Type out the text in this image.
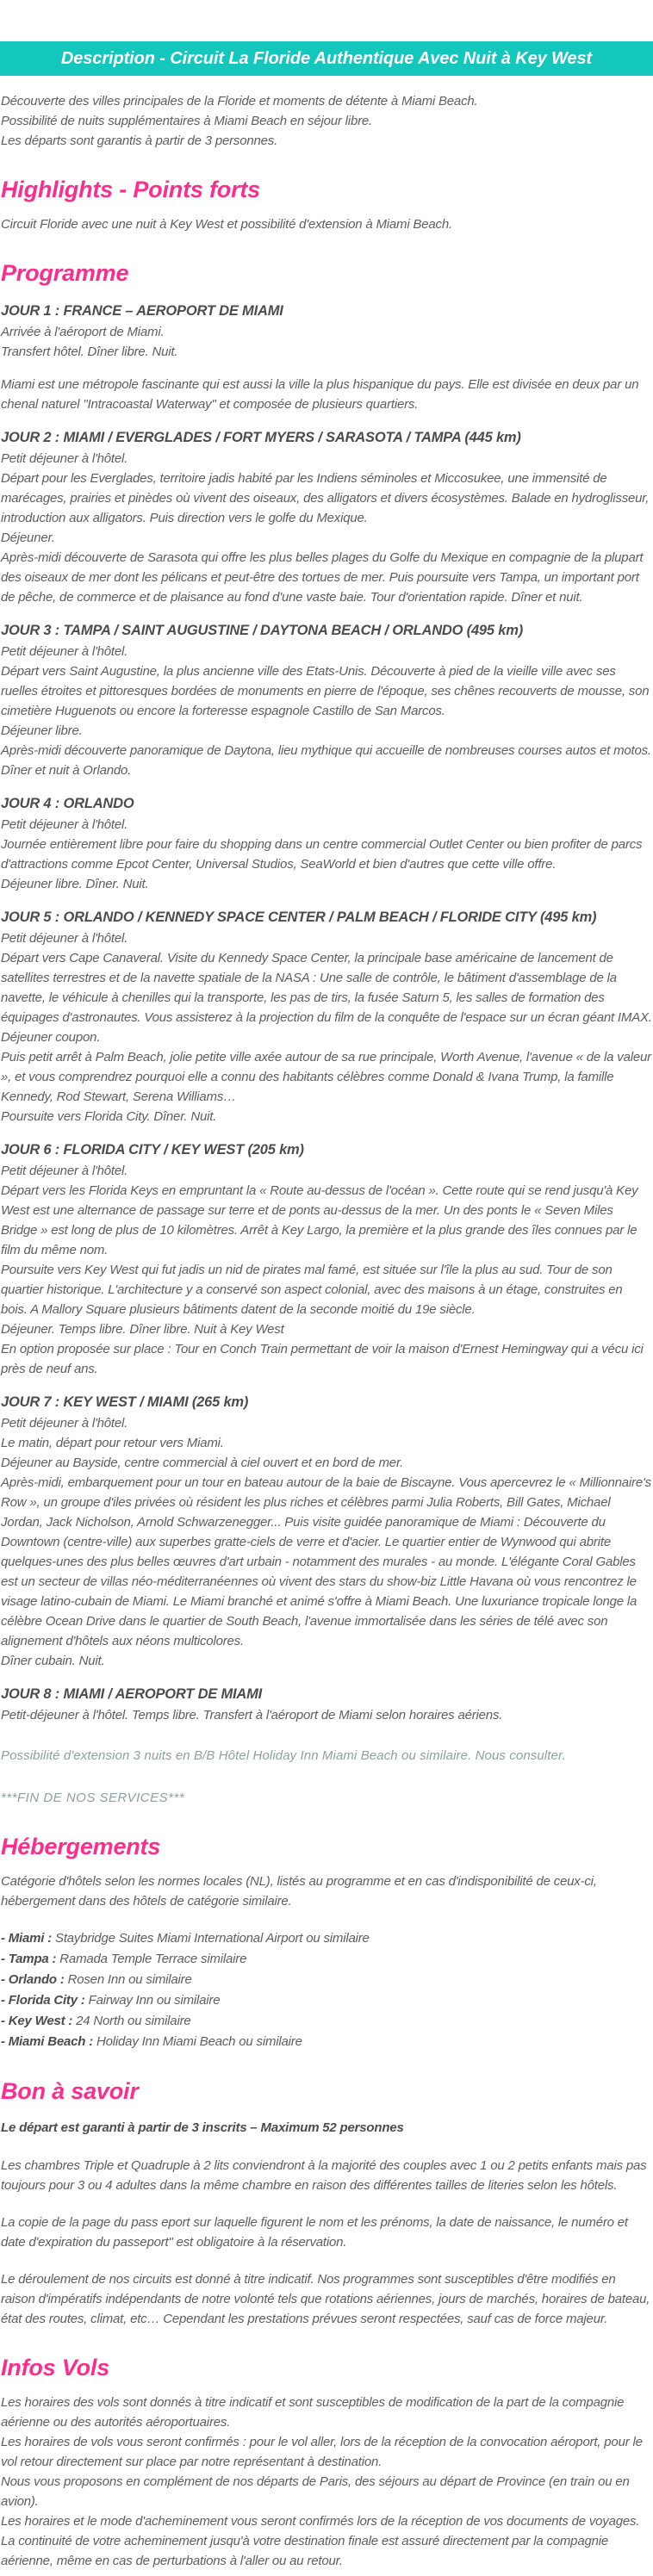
Description - Circuit La Floride Authentique Avec Nuit à Key West

Découverte des villes principales de la Floride et moments de détente à Miami Beach.

Possibilité de nuits supplémentaires à Miami Beach en séjour libre.

Les départs sont garantis à partir de 3 personnes.

Highlights - Points forts

Circuit Floride avec une nuit à Key West et possibilité d'extension à Miami Beach.

Programme
JOUR 1 : FRANCE – AEROPORT DE MIAMI

Arrivée à l'aéroport de Miami.

Transfert hôtel. Dîner libre. Nuit.

Miami est une métropole fascinante qui est aussi la ville la plus hispanique du pays. Elle est divisée en deux par un chenal naturel "Intracoastal Waterway" et composée de plusieurs quartiers.

JOUR 2 : MIAMI / EVERGLADES / FORT MYERS / SARASOTA / TAMPA (445 km)

Petit déjeuner à l'hôtel.

Départ pour les Everglades, territoire jadis habité par les Indiens séminoles et Miccosukee, une immensité de marécages, prairies et pinèdes où vivent des oiseaux, des alligators et divers écosystèmes. Balade en hydroglisseur, introduction aux alligators. Puis direction vers le golfe du Mexique.

Déjeuner.

Après-midi découverte de Sarasota qui offre les plus belles plages du Golfe du Mexique en compagnie de la plupart des oiseaux de mer dont les pélicans et peut-être des tortues de mer. Puis poursuite vers Tampa, un important port de pêche, de commerce et de plaisance au fond d'une vaste baie. Tour d'orientation rapide. Dîner et nuit.

JOUR 3 : TAMPA / SAINT AUGUSTINE / DAYTONA BEACH / ORLANDO (495 km)

Petit déjeuner à l'hôtel.

Départ vers Saint Augustine, la plus ancienne ville des Etats-Unis. Découverte à pied de la vieille ville avec ses ruelles étroites et pittoresques bordées de monuments en pierre de l'époque, ses chênes recouverts de mousse, son cimetière Huguenots ou encore la forteresse espagnole Castillo de San Marcos.

Déjeuner libre.

Après-midi découverte panoramique de Daytona, lieu mythique qui accueille de nombreuses courses autos et motos.

Dîner et nuit à Orlando.

JOUR 4 : ORLANDO

Petit déjeuner à l'hôtel.

Journée entièrement libre pour faire du shopping dans un centre commercial Outlet Center ou bien profiter de parcs d'attractions comme Epcot Center, Universal Studios, SeaWorld et bien d'autres que cette ville offre.

Déjeuner libre. Dîner. Nuit.

JOUR 5 : ORLANDO / KENNEDY SPACE CENTER / PALM BEACH / FLORIDE CITY (495 km)

Petit déjeuner à l'hôtel.

Départ vers Cape Canaveral. Visite du Kennedy Space Center, la principale base américaine de lancement de satellites terrestres et de la navette spatiale de la NASA : Une salle de contrôle, le bâtiment d'assemblage de la navette, le véhicule à chenilles qui la transporte, les pas de tirs, la fusée Saturn 5, les salles de formation des équipages d'astronautes. Vous assisterez à la projection du film de la conquête de l'espace sur un écran géant IMAX.

Déjeuner coupon.

Puis petit arrêt à Palm Beach, jolie petite ville axée autour de sa rue principale, Worth Avenue, l'avenue « de la valeur », et vous comprendrez pourquoi elle a connu des habitants célèbres comme Donald & Ivana Trump, la famille Kennedy, Rod Stewart, Serena Williams…

Poursuite vers Florida City. Dîner. Nuit.

JOUR 6 : FLORIDA CITY / KEY WEST (205 km)

Petit déjeuner à l'hôtel.

Départ vers les Florida Keys en empruntant la « Route au-dessus de l'océan ». Cette route qui se rend jusqu'à Key West est une alternance de passage sur terre et de ponts au-dessus de la mer. Un des ponts le « Seven Miles Bridge » est long de plus de 10 kilomètres. Arrêt à Key Largo, la première et la plus grande des îles connues par le film du même nom.

Poursuite vers Key West qui fut jadis un nid de pirates mal famé, est située sur l'île la plus au sud. Tour de son quartier historique. L'architecture y a conservé son aspect colonial, avec des maisons à un étage, construites en bois. A Mallory Square plusieurs bâtiments datent de la seconde moitié du 19e siècle.

Déjeuner. Temps libre. Dîner libre. Nuit à Key West

En option proposée sur place : Tour en Conch Train permettant de voir la maison d'Ernest Hemingway qui a vécu ici près de neuf ans.

JOUR 7 : KEY WEST / MIAMI (265 km)

Petit déjeuner à l'hôtel.

Le matin, départ pour retour vers Miami.

Déjeuner au Bayside, centre commercial à ciel ouvert et en bord de mer.

Après-midi, embarquement pour un tour en bateau autour de la baie de Biscayne. Vous apercevrez le « Millionnaire's Row », un groupe d'iles privées où résident les plus riches et célèbres parmi Julia Roberts, Bill Gates, Michael Jordan, Jack Nicholson, Arnold Schwarzenegger... Puis visite guidée panoramique de Miami : Découverte du Downtown (centre-ville) aux superbes gratte-ciels de verre et d'acier. Le quartier entier de Wynwood qui abrite quelques-unes des plus belles œuvres d'art urbain - notamment des murales - au monde. L'élégante Coral Gables est un secteur de villas néo-méditerranéennes où vivent des stars du show-biz Little Havana où vous rencontrez le visage latino-cubain de Miami. Le Miami branché et animé s'offre à Miami Beach. Une luxuriance tropicale longe la célèbre Ocean Drive dans le quartier de South Beach, l'avenue immortalisée dans les séries de télé avec son alignement d'hôtels aux néons multicolores.

Dîner cubain. Nuit.

JOUR 8 : MIAMI / AEROPORT DE MIAMI

Petit-déjeuner à l'hôtel. Temps libre. Transfert à l'aéroport de Miami selon horaires aériens.

Possibilité d'extension 3 nuits en B/B Hôtel Holiday Inn Miami Beach ou similaire. Nous consulter.

***FIN DE NOS SERVICES***

Hébergements

Catégorie d'hôtels selon les normes locales (NL), listés au programme et en cas d'indisponibilité de ceux-ci, hébergement dans des hôtels de catégorie similaire.

- Miami : Staybridge Suites Miami International Airport ou similaire

- Tampa : Ramada Temple Terrace similaire

- Orlando : Rosen Inn ou similaire

- Florida City : Fairway Inn ou similaire

- Key West : 24 North ou similaire

- Miami Beach : Holiday Inn Miami Beach ou similaire

Bon à savoir

Le départ est garanti à partir de 3 inscrits – Maximum 52 personnes

Les chambres Triple et Quadruple à 2 lits conviendront à la majorité des couples avec 1 ou 2 petits enfants mais pas toujours pour 3 ou 4 adultes dans la même chambre en raison des différentes tailles de literies selon les hôtels.

La copie de la page du pass eport sur laquelle figurent le nom et les prénoms, la date de naissance, le numéro et date d'expiration du passeport" est obligatoire à la réservation.

Le déroulement de nos circuits est donné à titre indicatif. Nos programmes sont susceptibles d'être modifiés en raison d'impératifs indépendants de notre volonté tels que rotations aériennes, jours de marchés, horaires de bateau, état des routes, climat, etc… Cependant les prestations prévues seront respectées, sauf cas de force majeur.

Infos Vols

Les horaires des vols sont donnés à titre indicatif et sont susceptibles de modification de la part de la compagnie aérienne ou des autorités aéroportuaires.

Les horaires de vols vous seront confirmés : pour le vol aller, lors de la réception de la convocation aéroport, pour le vol retour directement sur place par notre représentant à destination.

Nous vous proposons en complément de nos départs de Paris, des séjours au départ de Province (en train ou en avion).

Les horaires et le mode d'acheminement vous seront confirmés lors de la réception de vos documents de voyages.

La continuité de votre acheminement jusqu'à votre destination finale est assuré directement par la compagnie aérienne, même en cas de perturbations à l'aller ou au retour.
